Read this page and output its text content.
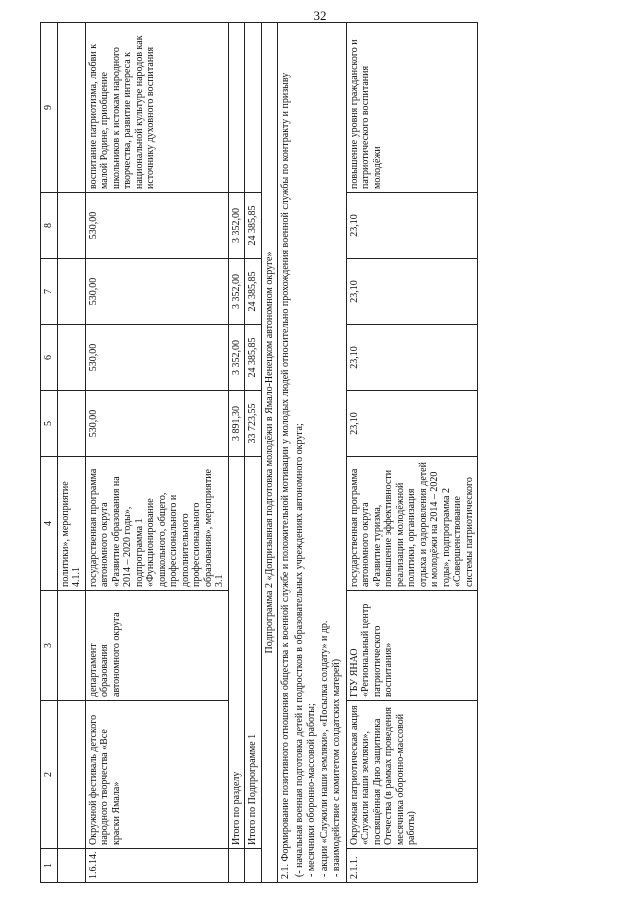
32
1	2	3	4	5	6	7	8	9
			политики», мероприятие 4.1.1					
1.6.14.	Окружной фестиваль детского народного творчества «Все краски Ямала»	департамент образования автономного округа	государственная программа автономного округа «Развитие образования на 2014 – 2020 годы», подпрограмма 1 «Функционирование дошкольного, общего, профессионального и дополнительного профессионального образования», мероприятие 3.1	530,00	530,00	530,00	530,00	воспитание патриотизма, любви к малой Родине, приобщение школьников к истокам народного творчества, развитие интереса к национальной культуре народов как источнику духовного воспитания
	Итого по разделу			3 891,30	3 352,00	3 352,00	3 352,00	
	Итого по Подпрограмме 1			33 723,55	24 385,85	24 385,85	24 385,85	
Подпрограмма 2 «Допризывная подготовка молодёжи в Ямало-Ненецком автономном округе»								

2.1. Формирование позитивного отношения общества к военной службе и положительной мотивации у молодых людей относительно прохождения военной службы по контракту и призыву (- начальная военная подготовка детей и подростков в образовательных учреждениях автономного округа; - месячники оборонно-массовой работы; - акции «Служили наши земляки», «Посылка солдату» и др. - взаимодействие с комитетом солдатских матерей)								

2.1.1.	Окружная патриотическая акция «Служили наши земляки», посвящённая Дню защитника Отечества (в рамках проведения месячника оборонно-массовой работы)	ГБУ ЯНАО «Региональный центр патриотического воспитания»	государственная программа автономного округа «Развитие туризма, повышение эффективности реализации молодёжной политики, организация отдыха и оздоровления детей и молодёжи на 2014 – 2020 годы», подпрограмма 2 «Совершенствование системы патриотического	23,10	23,10	23,10	23,10	повышение уровня гражданского и патриотического воспитания молодёжи
